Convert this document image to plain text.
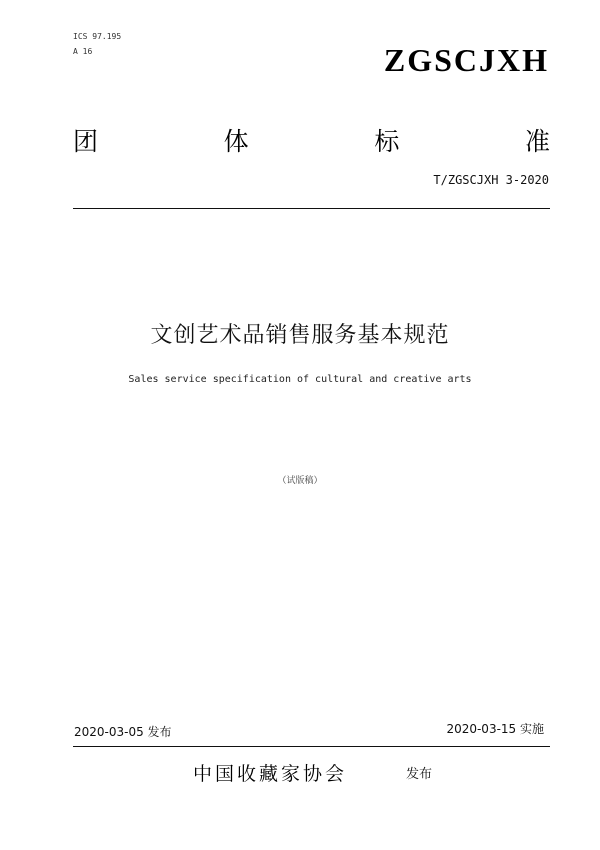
ICS 97.195
A 16	ZGSCJXH
团	体	标	准
T/ZGSCJXH 3-2020
文创艺术品销售服务基本规范
Sales service specification of cultural and creative arts
（试版稿）
2020-03-05 发布	2020-03-15 实施
中国收藏家协会	发布
